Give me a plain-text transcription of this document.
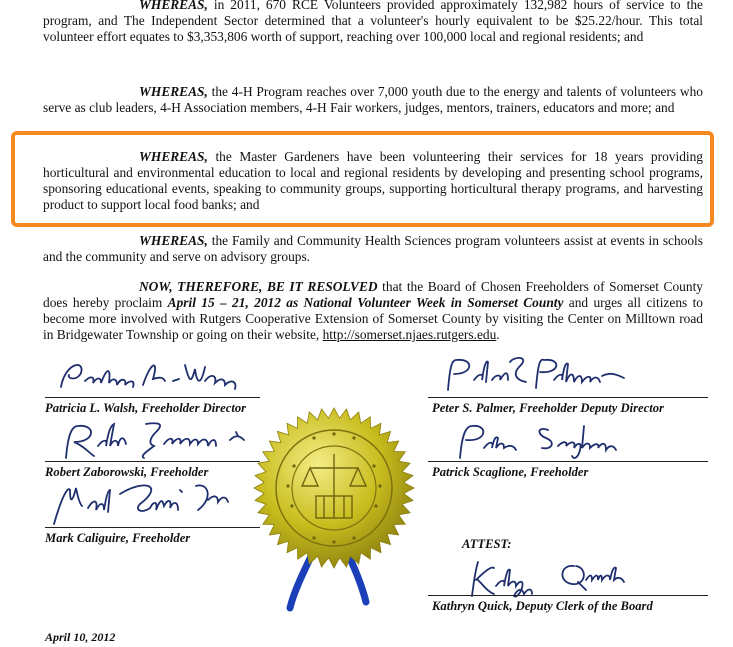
WHEREAS, in 2011, 670 RCE Volunteers provided approximately 132,982 hours of service to the program, and The Independent Sector determined that a volunteer's hourly equivalent to be $25.22/hour. This total volunteer effort equates to $3,353,806 worth of support, reaching over 100,000 local and regional residents; and

WHEREAS, the 4-H Program reaches over 7,000 youth due to the energy and talents of volunteers who serve as club leaders, 4-H Association members, 4-H Fair workers, judges, mentors, trainers, educators and more; and

WHEREAS, the Master Gardeners have been volunteering their services for 18 years providing horticultural and environmental education to local and regional residents by developing and presenting school programs, sponsoring educational events, speaking to community groups, supporting horticultural therapy programs, and harvesting product to support local food banks; and

WHEREAS, the Family and Community Health Sciences program volunteers assist at events in schools and the community and serve on advisory groups.

NOW, THEREFORE, BE IT RESOLVED that the Board of Chosen Freeholders of Somerset County does hereby proclaim April 15 – 21, 2012 as National Volunteer Week in Somerset County and urges all citizens to become more involved with Rutgers Cooperative Extension of Somerset County by visiting the Center on Milltown road in Bridgewater Township or going on their website, http://somerset.njaes.rutgers.edu.

Patricia L. Walsh, Freeholder Director	Peter S. Palmer, Freeholder Deputy Director
Robert Zaborowski, Freeholder	Patrick Scaglione, Freeholder
Mark Caliguire, Freeholder	ATTEST:
Kathryn Quick, Deputy Clerk of the Board
April 10, 2012
